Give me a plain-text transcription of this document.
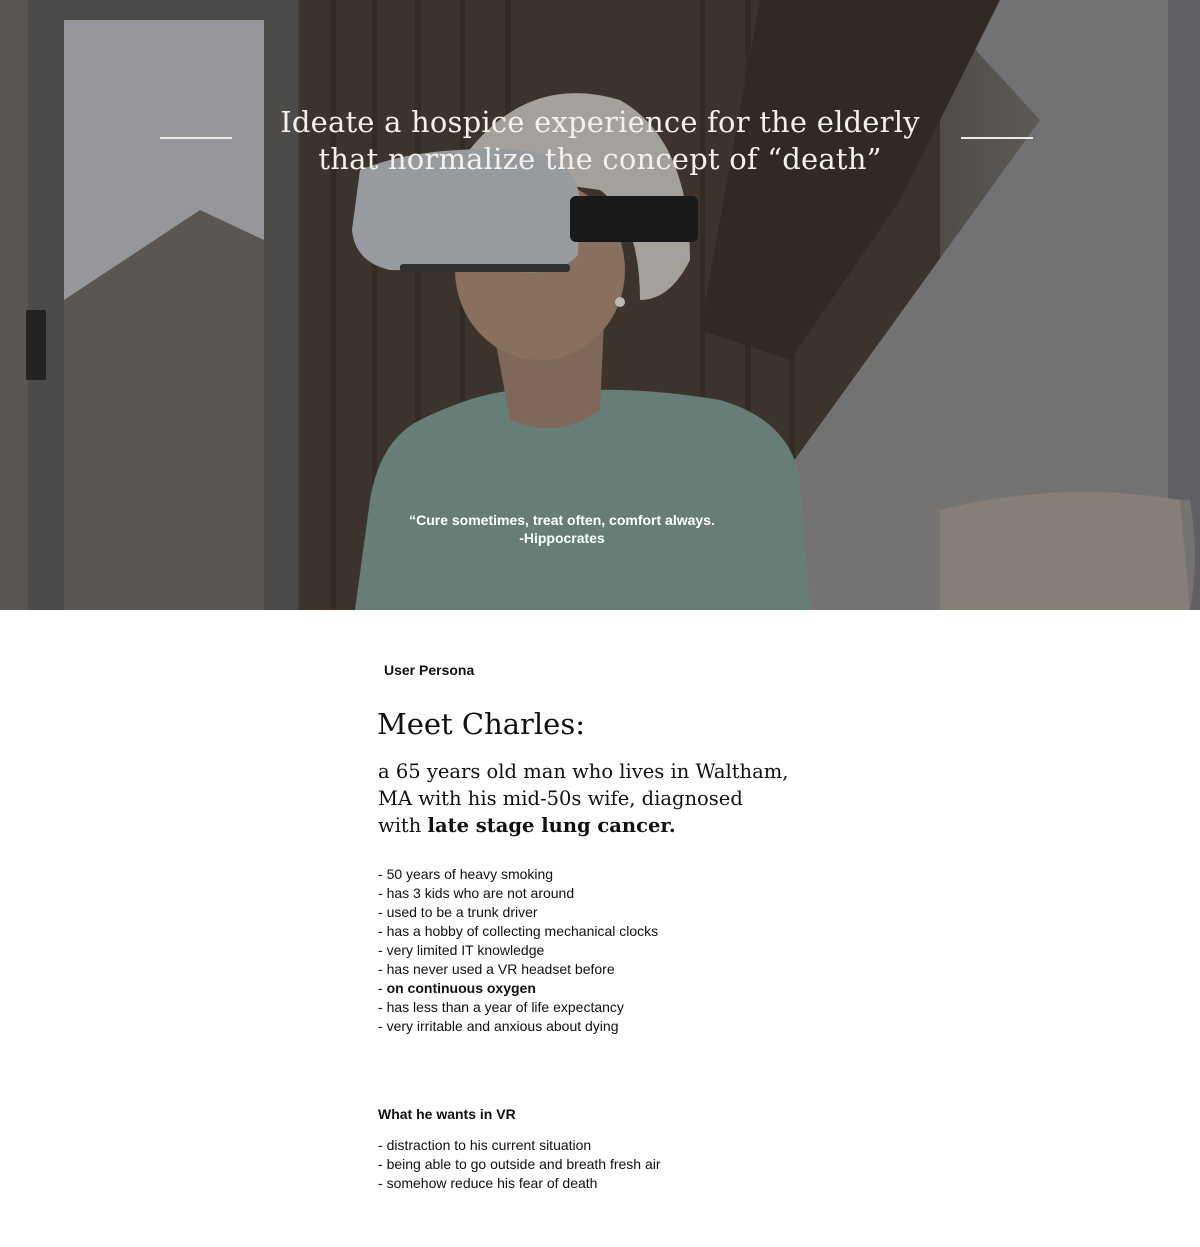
Ideate a hospice experience for the elderly
that normalize the concept of “death”
“Cure sometimes, treat often, comfort always.
-Hippocrates
User Persona
Meet Charles:
a 65 years old man who lives in Waltham,
MA with his mid-50s wife, diagnosed
with late stage lung cancer.
- 50 years of heavy smoking
- has 3 kids who are not around
- used to be a trunk driver
- has a hobby of collecting mechanical clocks
- very limited IT knowledge
- has never used a VR headset before
- on continuous oxygen
- has less than a year of life expectancy
- very irritable and anxious about dying
What he wants in VR
- distraction to his current situation
- being able to go outside and breath fresh air
- somehow reduce his fear of death
